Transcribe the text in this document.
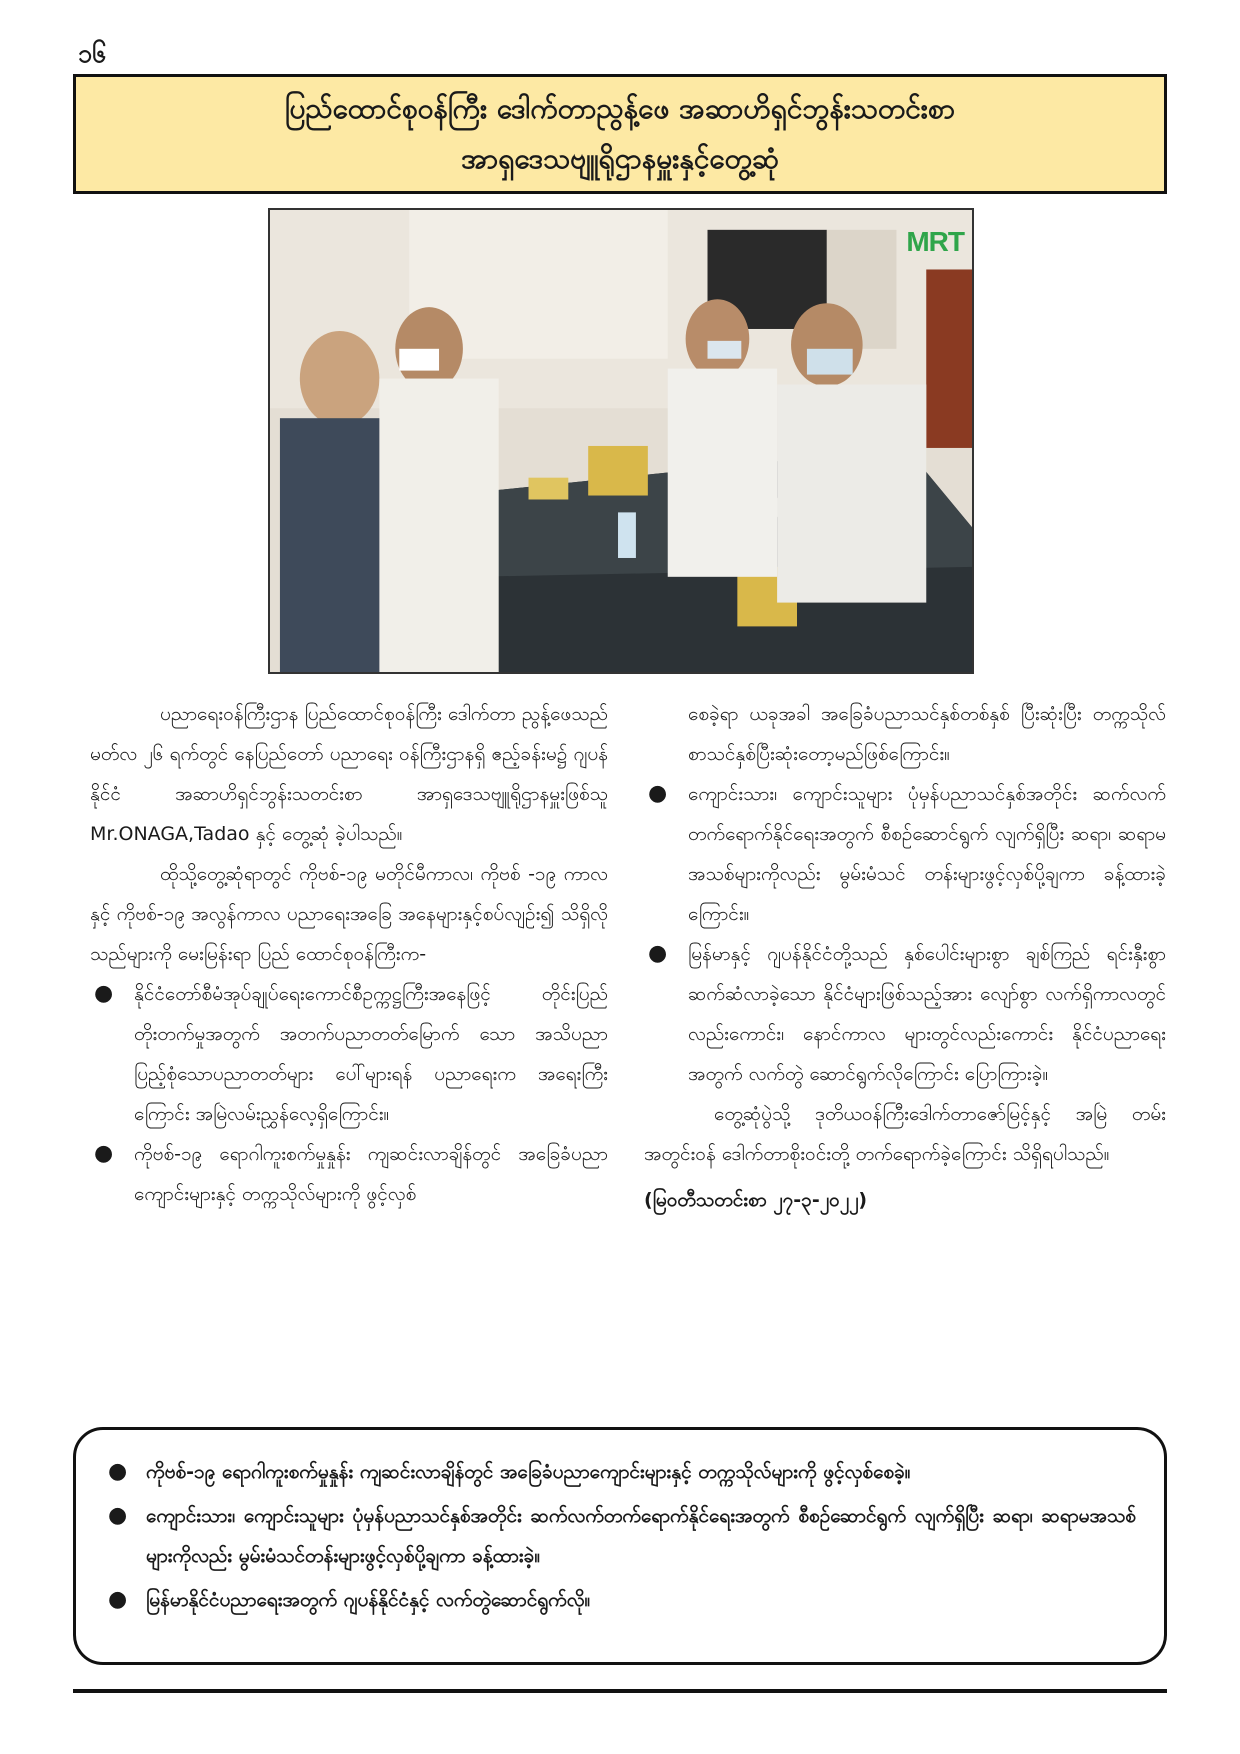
၁၆
ပြည်ထောင်စုဝန်ကြီး ဒေါက်တာညွန့်ဖေ အဆာဟိရှင်ဘွန်းသတင်းစာ
အာရှဒေသဗျူရိုဌာနမှူးနှင့်တွေ့ဆုံ
MRT

ပညာရေးဝန်ကြီးဌာန ပြည်ထောင်စုဝန်ကြီး ဒေါက်တာ ညွန့်ဖေသည် မတ်လ ၂၆ ရက်တွင် နေပြည်တော် ပညာရေး ဝန်ကြီးဌာနရှိ ဧည့်ခန်းမ၌ ဂျပန်နိုင်ငံ အဆာဟိရှင်ဘွန်းသတင်းစာ အာရှဒေသဗျူရိုဌာနမှူးဖြစ်သူ Mr.ONAGA,Tadao နှင့် တွေ့ဆုံ ခဲ့ပါသည်။

ထိုသို့တွေ့ဆုံရာတွင် ကိုဗစ်-၁၉ မတိုင်မီကာလ၊ ကိုဗစ် -၁၉ ကာလနှင့် ကိုဗစ်-၁၉ အလွန်ကာလ ပညာရေးအခြေ အနေများနှင့်စပ်လျဉ်း၍ သိရှိလိုသည်များကို မေးမြန်းရာ ပြည် ထောင်စုဝန်ကြီးက-

●	နိုင်ငံတော်စီမံအုပ်ချုပ်ရေးကောင်စီဥက္ကဋ္ဌကြီးအနေဖြင့် တိုင်းပြည်တိုးတက်မှုအတွက် အတက်ပညာတတ်မြောက် သော အသိပညာပြည့်စုံသောပညာတတ်များ ပေါ်များရန် ပညာရေးက အရေးကြီးကြောင်း အမြဲလမ်းညွှန်လေ့ရှိကြောင်း။
●	ကိုဗစ်-၁၉ ရောဂါကူးစက်မှုနှုန်း ကျဆင်းလာချိန်တွင် အခြေခံပညာကျောင်းများနှင့် တက္ကသိုလ်များကို ဖွင့်လှစ်
စေခဲ့ရာ ယခုအခါ အခြေခံပညာသင်နှစ်တစ်နှစ် ပြီးဆုံးပြီး တက္ကသိုလ်စာသင်နှစ်ပြီးဆုံးတော့မည်ဖြစ်ကြောင်း။
●	ကျောင်းသား၊ ကျောင်းသူများ ပုံမှန်ပညာသင်နှစ်အတိုင်း ဆက်လက်တက်ရောက်နိုင်ရေးအတွက် စီစဉ်ဆောင်ရွက် လျက်ရှိပြီး ဆရာ၊ ဆရာမအသစ်များကိုလည်း မွမ်းမံသင် တန်းများဖွင့်လှစ်ပို့ချကာ ခန့်ထားခဲ့ကြောင်း။
●	မြန်မာနှင့် ဂျပန်နိုင်ငံတို့သည် နှစ်ပေါင်းများစွာ ချစ်ကြည် ရင်းနှီးစွာဆက်ဆံလာခဲ့သော နိုင်ငံများဖြစ်သည့်အား လျော်စွာ လက်ရှိကာလတွင်လည်းကောင်း၊ နောင်ကာလ များတွင်လည်းကောင်း နိုင်ငံပညာရေးအတွက် လက်တွဲ ဆောင်ရွက်လိုကြောင်း ပြောကြားခဲ့။

တွေ့ဆုံပွဲသို့ ဒုတိယဝန်ကြီးဒေါက်တာဇော်မြင့်နှင့် အမြဲ တမ်းအတွင်းဝန် ဒေါက်တာစိုးဝင်းတို့ တက်ရောက်ခဲ့ကြောင်း သိရှိရပါသည်။

(မြဝတီသတင်းစာ ၂၇-၃-၂၀၂၂)

● ကိုဗစ်-၁၉ ရောဂါကူးစက်မှုနှုန်း ကျဆင်းလာချိန်တွင် အခြေခံပညာကျောင်းများနှင့် တက္ကသိုလ်များကို ဖွင့်လှစ်စေခဲ့။
● ကျောင်းသား၊ ကျောင်းသူများ ပုံမှန်ပညာသင်နှစ်အတိုင်း ဆက်လက်တက်ရောက်နိုင်ရေးအတွက် စီစဉ်ဆောင်ရွက် လျက်ရှိပြီး ဆရာ၊ ဆရာမအသစ်များကိုလည်း မွမ်းမံသင်တန်းများဖွင့်လှစ်ပို့ချကာ ခန့်ထားခဲ့။
● မြန်မာနိုင်ငံပညာရေးအတွက် ဂျပန်နိုင်ငံနှင့် လက်တွဲဆောင်ရွက်လို။
